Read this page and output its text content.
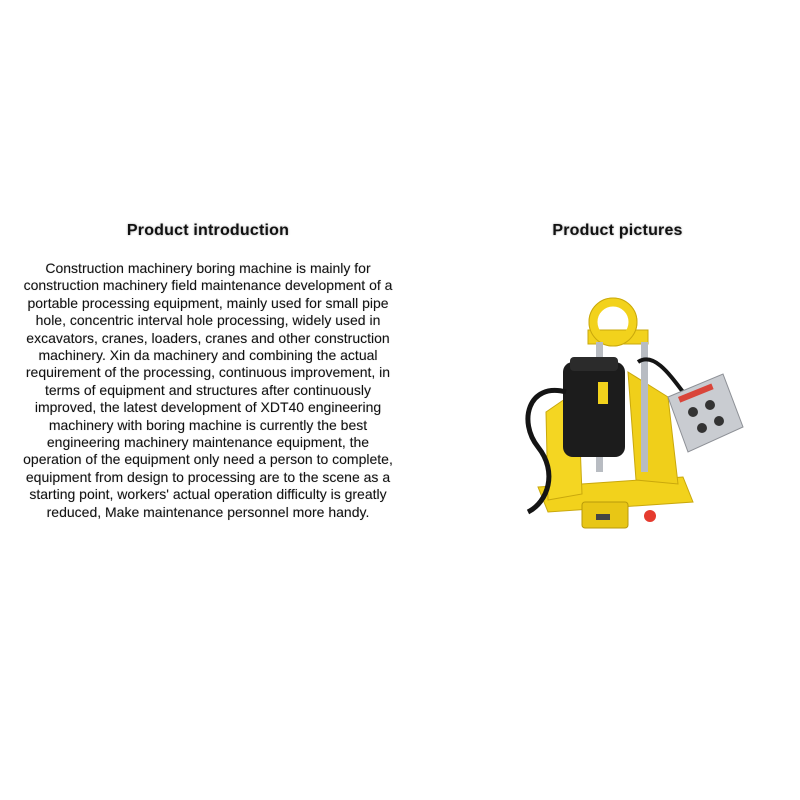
Product introduction

Construction machinery boring machine is mainly for construction machinery field maintenance development of a portable processing equipment, mainly used for small pipe hole, concentric interval hole processing, widely used in excavators, cranes, loaders, cranes and other construction machinery. Xin da machinery and combining the actual requirement of the processing, continuous improvement, in terms of equipment and structures after continuously improved, the latest development of XDT40 engineering machinery with boring machine is currently the best engineering machinery maintenance equipment, the operation of the equipment only need a person to complete, equipment from design to processing are to the scene as a starting point, workers' actual operation difficulty is greatly reduced, Make maintenance personnel more handy.

Product pictures
